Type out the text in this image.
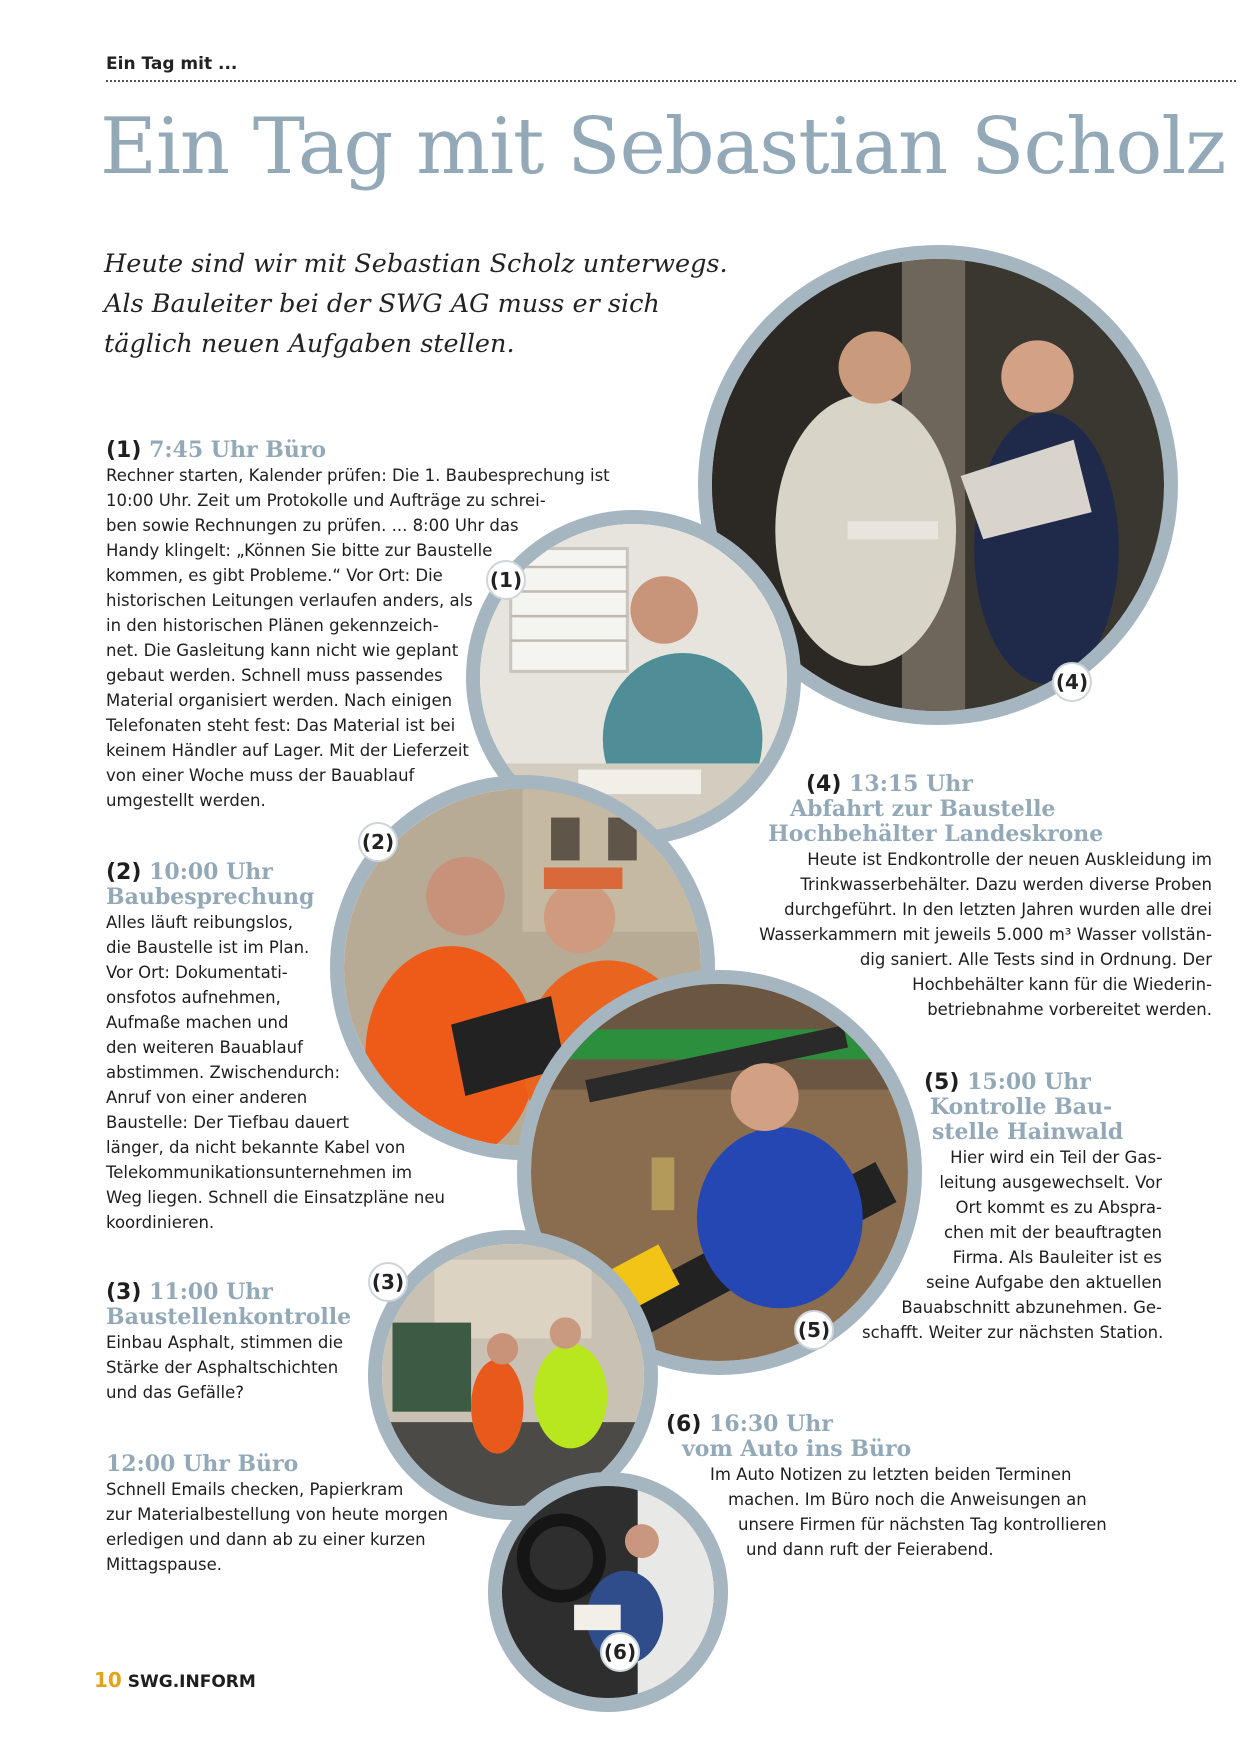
Ein Tag mit ...
Ein Tag mit Sebastian Scholz
Heute sind wir mit Sebastian Scholz unterwegs.
Als Bauleiter bei der SWG AG muss er sich
täglich neuen Aufgaben stellen.
(1)
(2)
(3)
(4)
(5)
(6)
(1) 7:45 Uhr Büro
Rechner starten, Kalender prüfen: Die 1. Baubesprechung ist
10:00 Uhr. Zeit um Protokolle und Aufträge zu schrei-
ben sowie Rechnungen zu prüfen. ... 8:00 Uhr das
Handy klingelt: „Können Sie bitte zur Baustelle
kommen, es gibt Probleme.“ Vor Ort: Die
historischen Leitungen verlaufen anders, als
in den historischen Plänen gekennzeich-
net. Die Gasleitung kann nicht wie geplant
gebaut werden. Schnell muss passendes
Material organisiert werden. Nach einigen
Telefonaten steht fest: Das Material ist bei
keinem Händler auf Lager. Mit der Lieferzeit
von einer Woche muss der Bauablauf
umgestellt werden.
(2) 10:00 Uhr
Baubesprechung
Alles läuft reibungslos,
die Baustelle ist im Plan.
Vor Ort: Dokumentati-
onsfotos aufnehmen,
Aufmaße machen und
den weiteren Bauablauf
abstimmen. Zwischendurch:
Anruf von einer anderen
Baustelle: Der Tiefbau dauert
länger, da nicht bekannte Kabel von
Telekommunikationsunternehmen im
Weg liegen. Schnell die Einsatzpläne neu
koordinieren.
(3) 11:00 Uhr
Baustellenkontrolle
Einbau Asphalt, stimmen die
Stärke der Asphaltschichten
und das Gefälle?
12:00 Uhr Büro
Schnell Emails checken, Papierkram
zur Materialbestellung von heute morgen
erledigen und dann ab zu einer kurzen
Mittagspause.
(4) 13:15 Uhr
Abfahrt zur Baustelle
Hochbehälter Landeskrone
Heute ist Endkontrolle der neuen Auskleidung im
Trinkwasserbehälter. Dazu werden diverse Proben
durchgeführt. In den letzten Jahren wurden alle drei
Wasserkammern mit jeweils 5.000 m³ Wasser vollstän-
dig saniert. Alle Tests sind in Ordnung. Der
Hochbehälter kann für die Wiederin-
betriebnahme vorbereitet werden.
(5) 15:00 Uhr
Kontrolle Bau-
stelle Hainwald
Hier wird ein Teil der Gas-
leitung ausgewechselt. Vor
Ort kommt es zu Abspra-
chen mit der beauftragten
Firma. Als Bauleiter ist es
seine Aufgabe den aktuellen
Bauabschnitt abzunehmen. Ge-
schafft. Weiter zur nächsten Station.
(6) 16:30 Uhr
vom Auto ins Büro
Im Auto Notizen zu letzten beiden Terminen
machen. Im Büro noch die Anweisungen an
unsere Firmen für nächsten Tag kontrollieren
und dann ruft der Feierabend.
10 SWG.INFORM
